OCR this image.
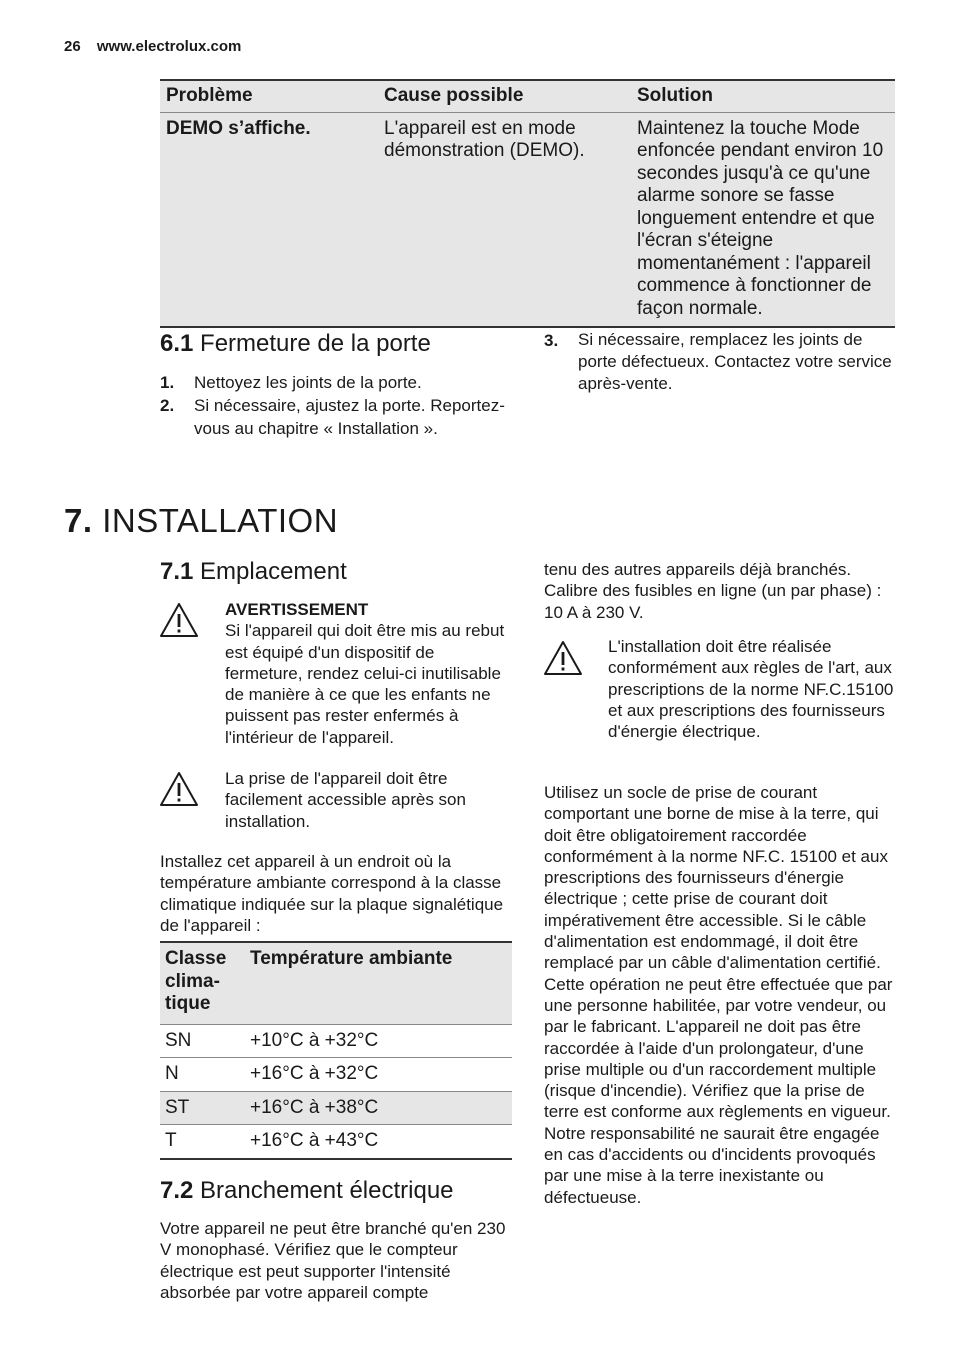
26 www.electrolux.com
Problème	Cause possible	Solution
DEMO s’affiche.	L'appareil est en mode démonstration (DEMO).	Maintenez la touche Mode enfoncée pendant environ 10 secondes jusqu'à ce qu'une alarme sonore se fasse longuement entendre et que l'écran s'éteigne momentanément : l'appareil commence à fonctionner de façon normale.
6.1 Fermeture de la porte
1.	Nettoyez les joints de la porte.
2.	Si nécessaire, ajustez la porte. Reportez-vous au chapitre « Installation ».
3.	Si nécessaire, remplacez les joints de porte défectueux. Contactez votre service après-vente.
7. INSTALLATION
7.1 Emplacement
AVERTISSEMENT
Si l'appareil qui doit être mis au rebut est équipé d'un dispositif de fermeture, rendez celui-ci inutilisable de manière à ce que les enfants ne puissent pas rester enfermés à l'intérieur de l'appareil.
La prise de l'appareil doit être facilement accessible après son installation.
Installez cet appareil à un endroit où la température ambiante correspond à la classe climatique indiquée sur la plaque signalétique de l'appareil :
Classe clima-tique	Température ambiante
SN	+10°C à +32°C
N	+16°C à +32°C
ST	+16°C à +38°C
T	+16°C à +43°C
7.2 Branchement électrique
Votre appareil ne peut être branché qu'en 230 V monophasé. Vérifiez que le compteur électrique est peut supporter l'intensité absorbée par votre appareil compte
tenu des autres appareils déjà branchés. Calibre des fusibles en ligne (un par phase) : 10 A à 230 V.
L'installation doit être réalisée conformément aux règles de l'art, aux prescriptions de la norme NF.C.15100 et aux prescriptions des fournisseurs d'énergie électrique.
Utilisez un socle de prise de courant comportant une borne de mise à la terre, qui doit être obligatoirement raccordée conformément à la norme NF.C. 15100 et aux prescriptions des fournisseurs d'énergie électrique ; cette prise de courant doit impérativement être accessible. Si le câble d'alimentation est endommagé, il doit être remplacé par un câble d'alimentation certifié. Cette opération ne peut être effectuée que par une personne habilitée, par votre vendeur, ou par le fabricant. L'appareil ne doit pas être raccordée à l'aide d'un prolongateur, d'une prise multiple ou d'un raccordement multiple (risque d'incendie). Vérifiez que la prise de terre est conforme aux règlements en vigueur.
Notre responsabilité ne saurait être engagée en cas d'accidents ou d'incidents provoqués par une mise à la terre inexistante ou défectueuse.
